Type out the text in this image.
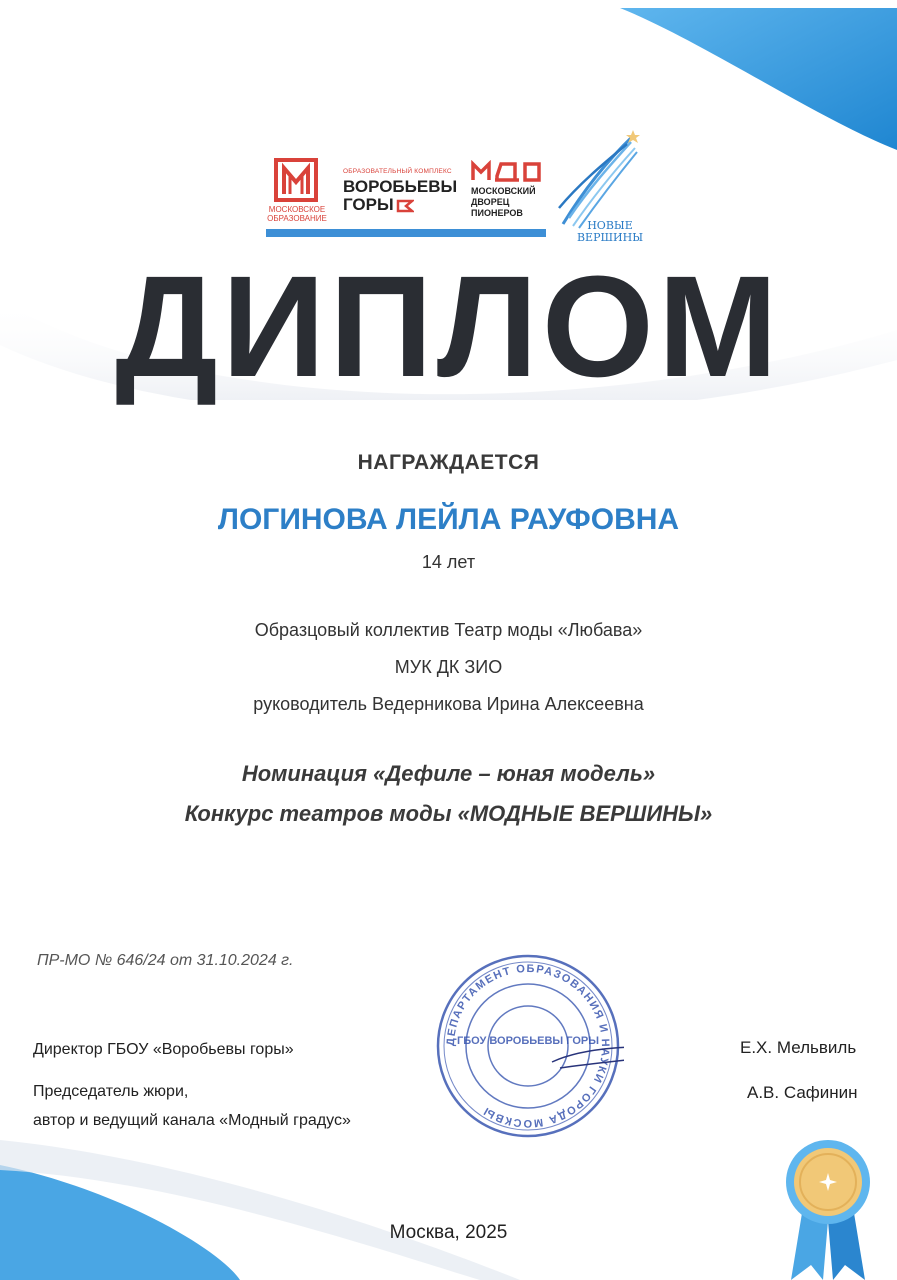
МОСКОВСКОЕ ОБРАЗОВАНИЕ
ОБРАЗОВАТЕЛЬНЫЙ КОМПЛЕКС
ВОРОБЬЕВЫ ГОРЫ
МОСКОВСКИЙ ДВОРЕЦ ПИОНЕРОВ
НОВЫЕ ВЕРШИНЫ
ДИПЛОМ
НАГРАЖДАЕТСЯ
ЛОГИНОВА ЛЕЙЛА РАУФОВНА
14 лет
Образцовый коллектив Театр моды «Любава»
МУК ДК ЗИО
руководитель Ведерникова Ирина Алексеевна
Номинация «Дефиле – юная модель»
Конкурс театров моды «МОДНЫЕ ВЕРШИНЫ»
ПР-МО № 646/24 от 31.10.2024 г.
Директор ГБОУ «Воробьевы горы»
Председатель жюри,
автор и ведущий канала «Модный градус»
Е.Х. Мельвиль
А.В. Сафинин
ДЕПАРТАМЕНТ ОБРАЗОВАНИЯ И НАУКИ ГОРОДА МОСКВЫ
ГБОУ ВОРОБЬЕВЫ ГОРЫ
Москва, 2025
